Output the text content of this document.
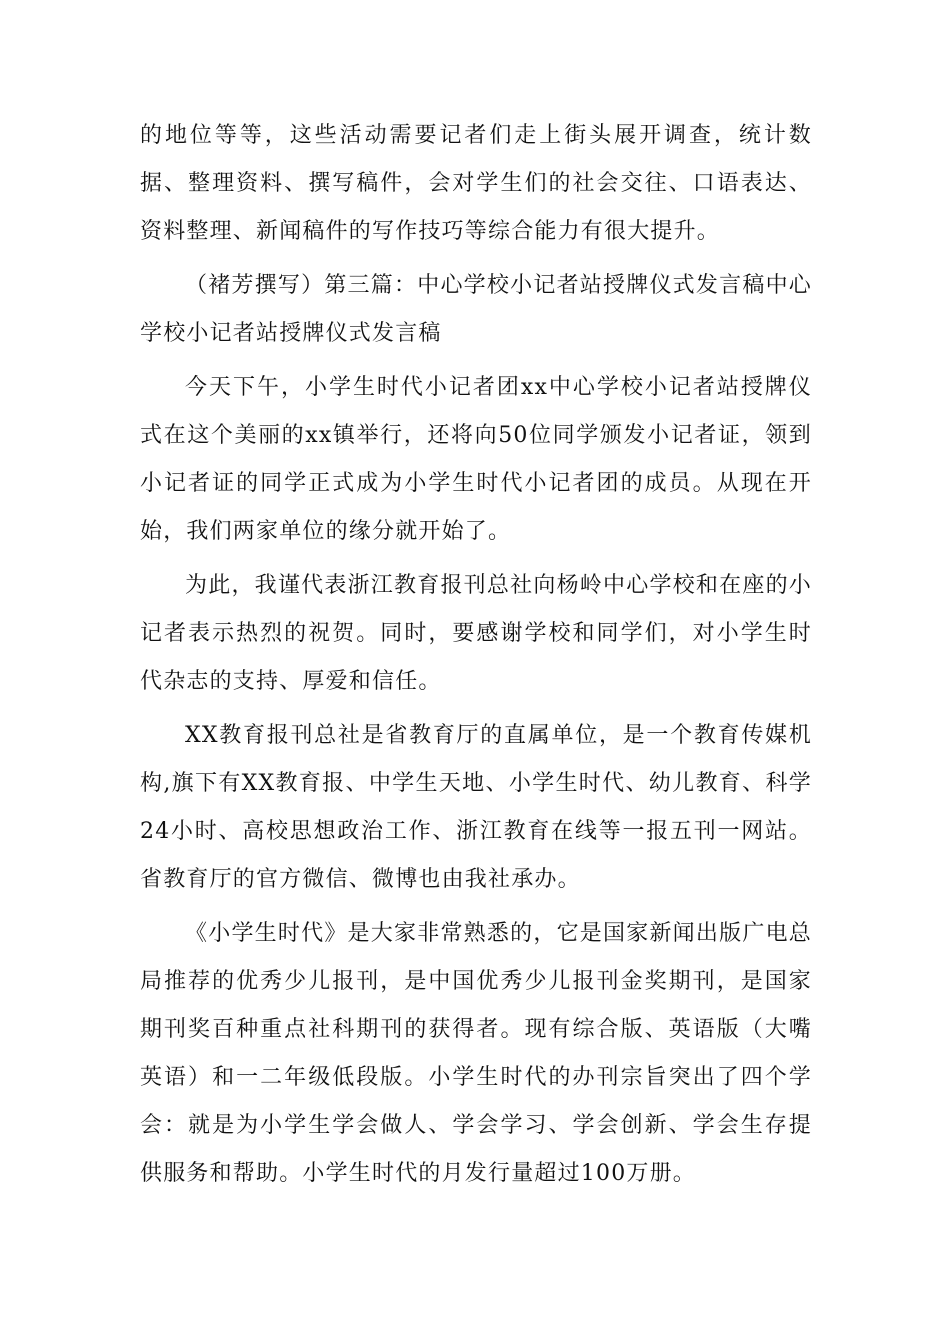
的地位等等，这些活动需要记者们走上街头展开调查，统计数据、整理资料、撰写稿件，会对学生们的社会交往、口语表达、资料整理、新闻稿件的写作技巧等综合能力有很大提升。

（褚芳撰写）第三篇：中心学校小记者站授牌仪式发言稿中心学校小记者站授牌仪式发言稿

今天下午，小学生时代小记者团xx中心学校小记者站授牌仪式在这个美丽的xx镇举行，还将向50位同学颁发小记者证，领到小记者证的同学正式成为小学生时代小记者团的成员。从现在开始，我们两家单位的缘分就开始了。

为此，我谨代表浙江教育报刊总社向杨岭中心学校和在座的小记者表示热烈的祝贺。同时，要感谢学校和同学们，对小学生时代杂志的支持、厚爱和信任。

XX教育报刊总社是省教育厅的直属单位，是一个教育传媒机构,旗下有XX教育报、中学生天地、小学生时代、幼儿教育、科学24小时、高校思想政治工作、浙江教育在线等一报五刊一网站。省教育厅的官方微信、微博也由我社承办。

《小学生时代》是大家非常熟悉的，它是国家新闻出版广电总局推荐的优秀少儿报刊，是中国优秀少儿报刊金奖期刊，是国家期刊奖百种重点社科期刊的获得者。现有综合版、英语版（大嘴英语）和一二年级低段版。小学生时代的办刊宗旨突出了四个学会：就是为小学生学会做人、学会学习、学会创新、学会生存提供服务和帮助。小学生时代的月发行量超过100万册。
